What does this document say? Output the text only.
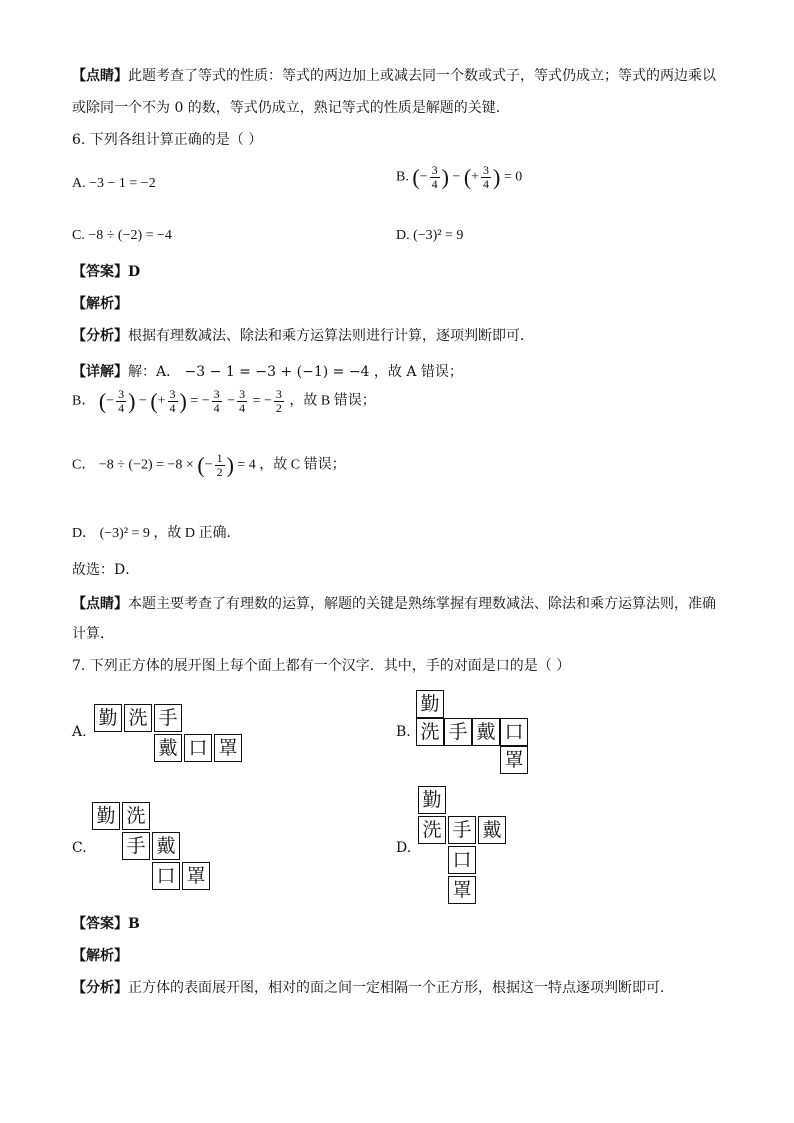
【点睛】此题考查了等式的性质：等式的两边加上或减去同一个数或式子，等式仍成立；等式的两边乘以
或除同一个不为 0 的数，等式仍成立，熟记等式的性质是解题的关键．
6. 下列各组计算正确的是（ ）
A. −3 − 1 = −2	B. (− $\frac{3}{4}$ ) − (+ $\frac{3}{4}$ ) = 0
C. −8 ÷ (−2) = −4	D. (−3)² = 9
【答案】D
【解析】
【分析】根据有理数减法、除法和乘方运算法则进行计算，逐项判断即可．
【详解】解：A． −3 − 1 = −3 + (−1) = −4 ，故 A 错误；
B． (− $\frac{3}{4}$ ) − (+ $\frac{3}{4}$ ) = − $\frac{3}{4} - \frac{3}{4}$ = − $\frac{3}{2}$ ，故 B 错误；
C． −8 ÷ (−2) = −8 × (− $\frac{1}{2}$ ) = 4 ，故 C 错误；
D． (−3)² = 9 ，故 D 正确．
故选：D．
【点睛】本题主要考查了有理数的运算，解题的关键是熟练掌握有理数减法、除法和乘方运算法则，准确
计算．
7. 下列正方体的展开图上每个面上都有一个汉字．其中，手的对面是口的是（ ）
A.
勤 洗 手
戴 口 罩
B.
勤
洗 手 戴 口
罩
C.
勤 洗
手 戴
口 罩
D.
勤
洗 手 戴
口
罩
【答案】B
【解析】
【分析】正方体的表面展开图，相对的面之间一定相隔一个正方形，根据这一特点逐项判断即可．
